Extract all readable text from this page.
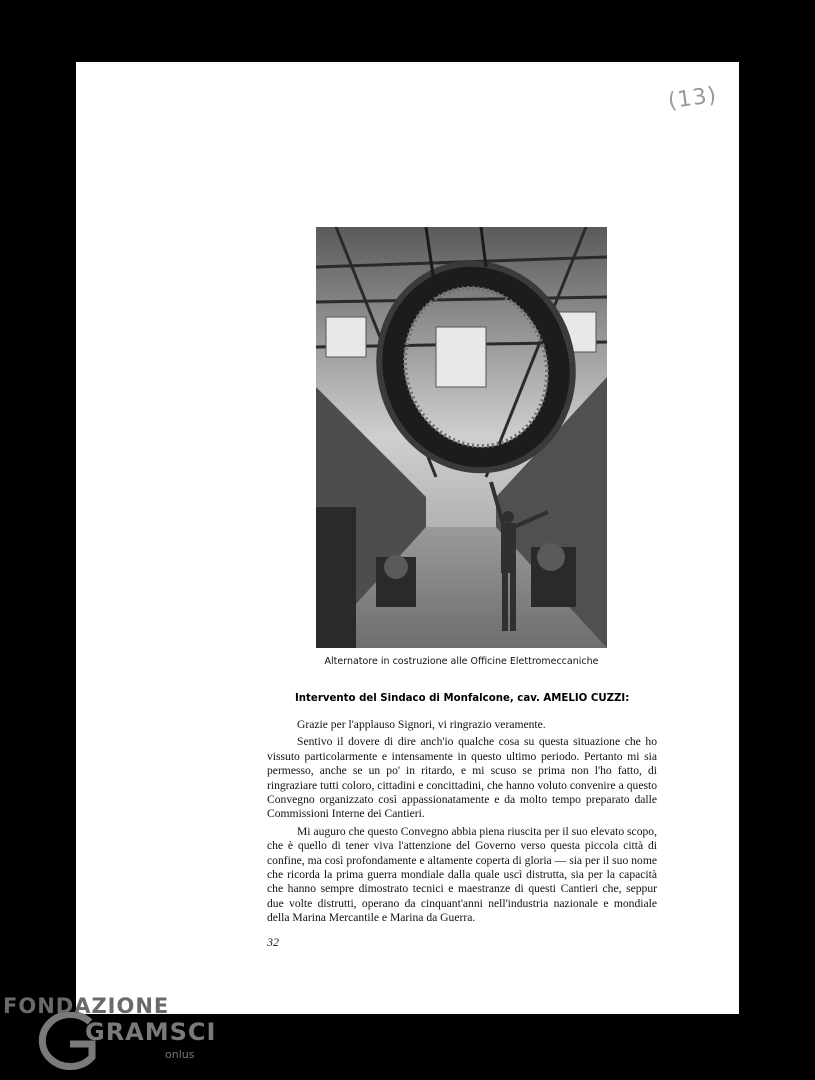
(13)
Alternatore in costruzione alle Officine Elettromeccaniche
Intervento del Sindaco di Monfalcone, cav. AMELIO CUZZI:

Grazie per l'applauso Signori, vi ringrazio veramente.

Sentivo il dovere di dire anch'io qualche cosa su questa situazione che ho vissuto particolarmente e intensamente in questo ultimo periodo. Pertanto mi sia permesso, anche se un po' in ritardo, e mi scuso se prima non l'ho fatto, di ringraziare tutti coloro, cittadini e concittadini, che hanno voluto convenire a questo Convegno organizzato così appassionatamente e da molto tempo preparato dalle Commissioni Interne dei Cantieri.

Mi auguro che questo Convegno abbia piena riuscita per il suo elevato scopo, che è quello di tener viva l'attenzione del Governo verso questa piccola città di confine, ma così profondamente e altamente coperta di gloria — sia per il suo nome che ricorda la prima guerra mondiale dalla quale uscì distrutta, sia per la capacità che hanno sempre dimostrato tecnici e maestranze di questi Cantieri che, seppur due volte distrutti, operano da cinquant'anni nell'industria nazionale e mondiale della Marina Mercantile e Marina da Guerra.

32
FONDAZIONE
GRAMSCI
onlus
